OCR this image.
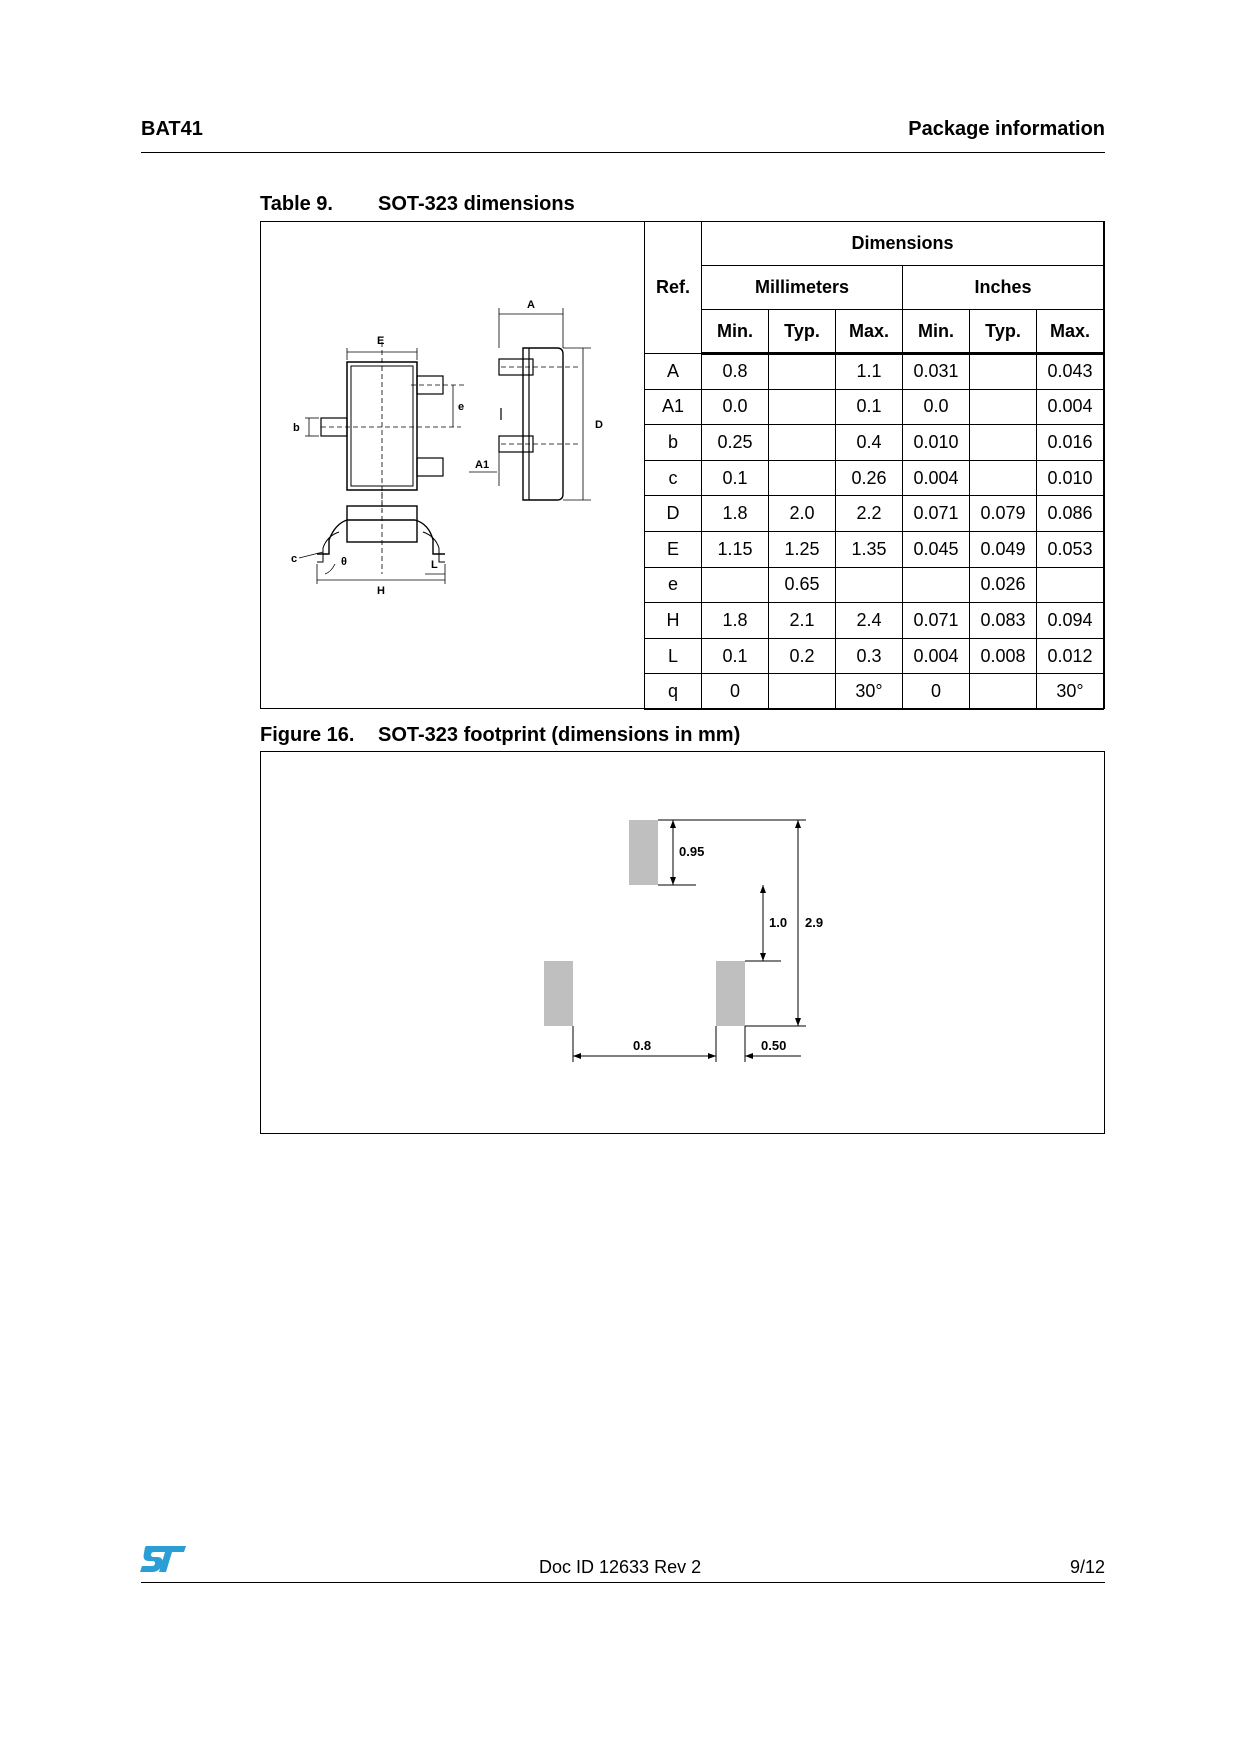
BAT41	Package information
Table 9. SOT-323 dimensions
E
A
e
b	D
A1
c	θ
H
L
Ref.	Dimensions					
	Millimeters			Inches		
	Min.	Typ.	Max.	Min.	Typ.	Max.
A	0.8		1.1	0.031		0.043
A1	0.0		0.1	0.0		0.004
b	0.25		0.4	0.010		0.016
c	0.1		0.26	0.004		0.010
D	1.8	2.0	2.2	0.071	0.079	0.086
E	1.15	1.25	1.35	0.045	0.049	0.053
e		0.65			0.026	
H	1.8	2.1	2.4	0.071	0.083	0.094
L	0.1	0.2	0.3	0.004	0.008	0.012
q	0		30°	0		30°
Figure 16. SOT-323 footprint (dimensions in mm)
0.95
1.0 2.9
0.8	0.50
Doc ID 12633 Rev 2	9/12
